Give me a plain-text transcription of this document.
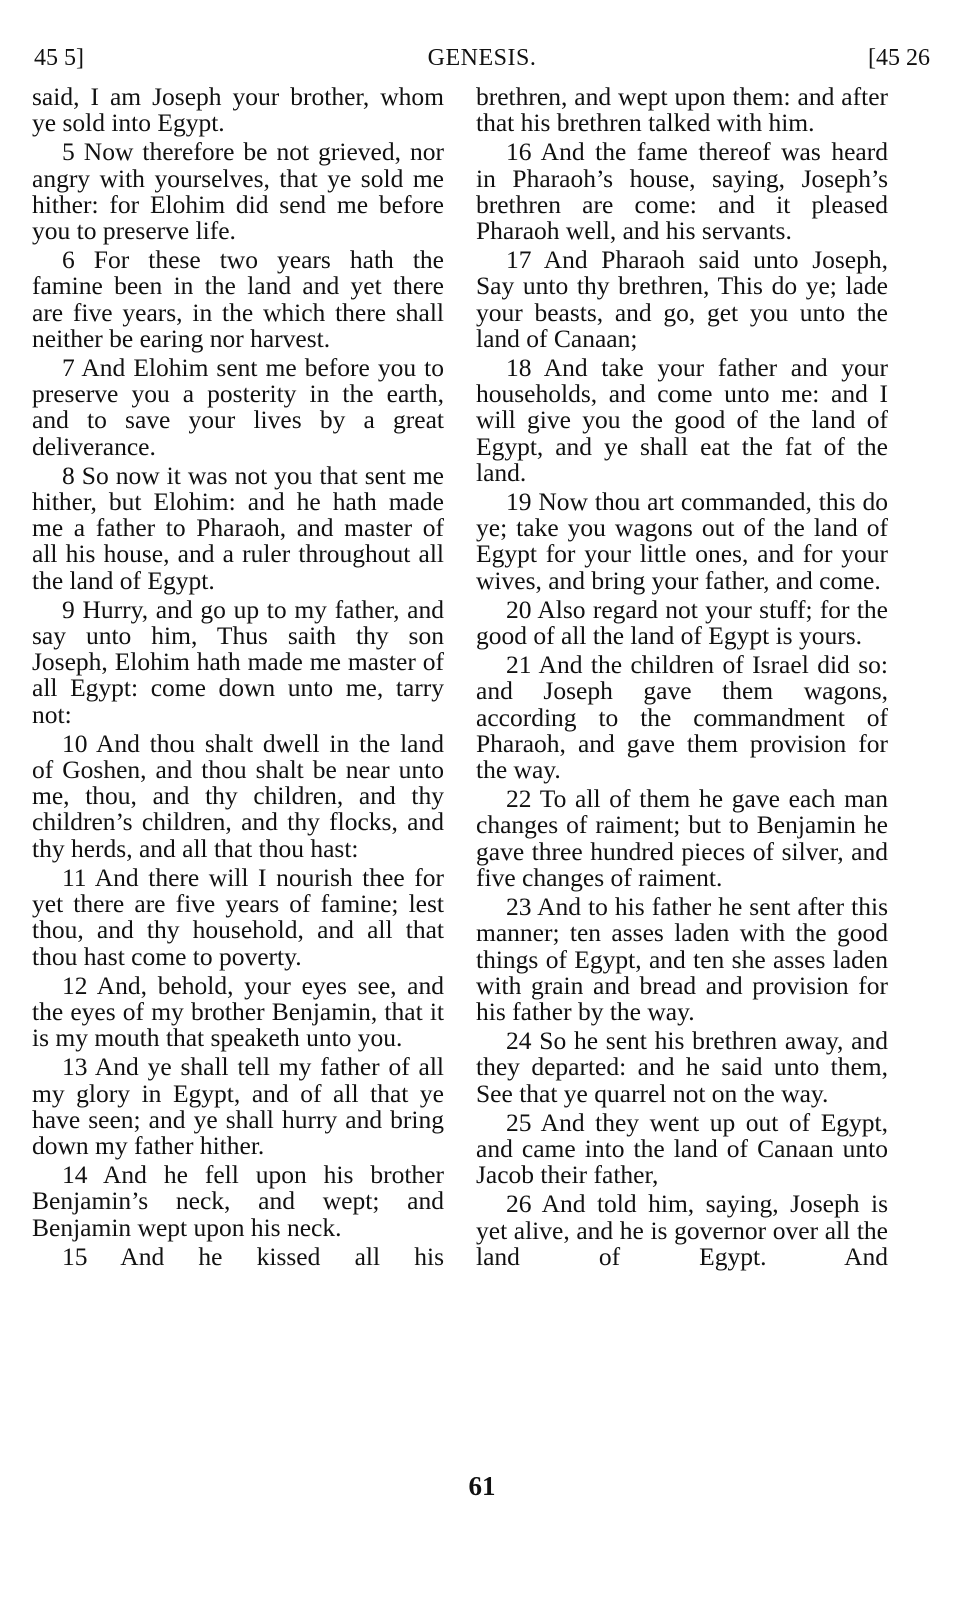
45 5]	GENESIS.	[45 26

said, I am Joseph your brother, whom ye sold into Egypt.

5 Now therefore be not grieved, nor angry with yourselves, that ye sold me hither: for Elohim did send me before you to preserve life.

6 For these two years hath the famine been in the land and yet there are five years, in the which there shall neither be earing nor harvest.

7 And Elohim sent me before you to preserve you a posterity in the earth, and to save your lives by a great deliverance.

8 So now it was not you that sent me hither, but Elohim: and he hath made me a father to Pharaoh, and master of all his house, and a ruler throughout all the land of Egypt.

9 Hurry, and go up to my father, and say unto him, Thus saith thy son Joseph, Elohim hath made me master of all Egypt: come down unto me, tarry not:

10 And thou shalt dwell in the land of Goshen, and thou shalt be near unto me, thou, and thy children, and thy children’s children, and thy flocks, and thy herds, and all that thou hast:

11 And there will I nourish thee for yet there are five years of famine; lest thou, and thy household, and all that thou hast come to poverty.

12 And, behold, your eyes see, and the eyes of my brother Benjamin, that it is my mouth that speaketh unto you.

13 And ye shall tell my father of all my glory in Egypt, and of all that ye have seen; and ye shall hurry and bring down my father hither.

14 And he fell upon his brother Benjamin’s neck, and wept; and Benjamin wept upon his neck.

15 And he kissed all his

brethren, and wept upon them: and after that his brethren talked with him.

16 And the fame thereof was heard in Pharaoh’s house, saying, Joseph’s brethren are come: and it pleased Pharaoh well, and his servants.

17 And Pharaoh said unto Joseph, Say unto thy brethren, This do ye; lade your beasts, and go, get you unto the land of Canaan;

18 And take your father and your households, and come unto me: and I will give you the good of the land of Egypt, and ye shall eat the fat of the land.

19 Now thou art commanded, this do ye; take you wagons out of the land of Egypt for your little ones, and for your wives, and bring your father, and come.

20 Also regard not your stuff; for the good of all the land of Egypt is yours.

21 And the children of Israel did so: and Joseph gave them wagons, according to the commandment of Pharaoh, and gave them provision for the way.

22 To all of them he gave each man changes of raiment; but to Benjamin he gave three hundred pieces of silver, and five changes of raiment.

23 And to his father he sent after this manner; ten asses laden with the good things of Egypt, and ten she asses laden with grain and bread and provision for his father by the way.

24 So he sent his brethren away, and they departed: and he said unto them, See that ye quarrel not on the way.

25 And they went up out of Egypt, and came into the land of Canaan unto Jacob their father,

26 And told him, saying, Joseph is yet alive, and he is governor over all the land of Egypt. And

61
